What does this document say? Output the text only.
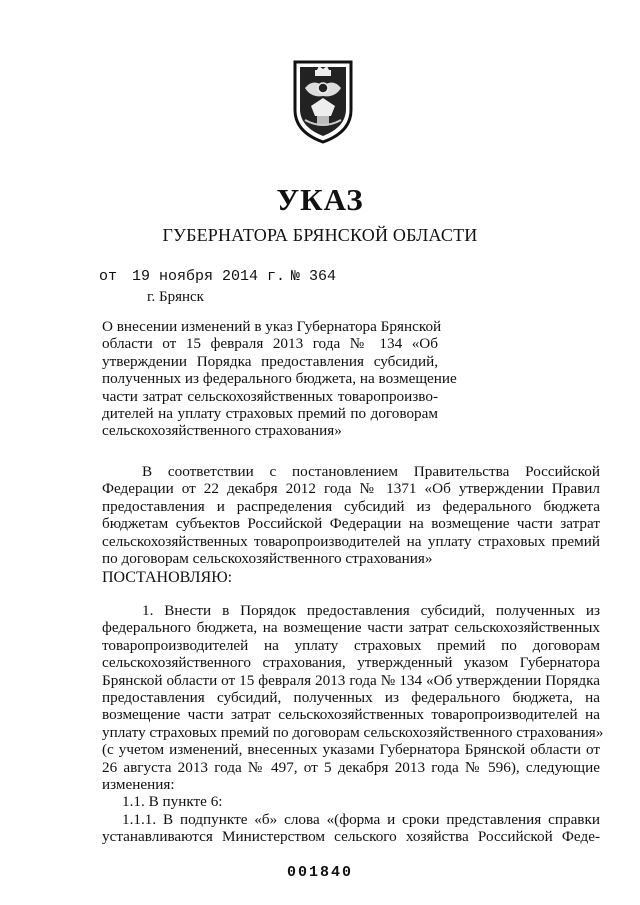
УКАЗ
ГУБЕРНАТОРА БРЯНСКОЙ ОБЛАСТИ
от 19 ноября 2014 г. № 364
г. Брянск
О внесении изменений в указ Губернатора Брянской
области от 15 февраля 2013 года № 134 «Об
утверждении Порядка предоставления субсидий,
полученных из федерального бюджета, на возмещение
части затрат сельскохозяйственных товаропроизво-
дителей на уплату страховых премий по договорам
сельскохозяйственного страхования»
В соответствии с постановлением Правительства Российской
Федерации от 22 декабря 2012 года № 1371 «Об утверждении Правил
предоставления и распределения субсидий из федерального бюджета
бюджетам субъектов Российской Федерации на возмещение части затрат
сельскохозяйственных товаропроизводителей на уплату страховых премий
по договорам сельскохозяйственного страхования»
ПОСТАНОВЛЯЮ:
1. Внести в Порядок предоставления субсидий, полученных из
федерального бюджета, на возмещение части затрат сельскохозяйственных
товаропроизводителей на уплату страховых премий по договорам
сельскохозяйственного страхования, утвержденный указом Губернатора
Брянской области от 15 февраля 2013 года № 134 «Об утверждении Порядка
предоставления субсидий, полученных из федерального бюджета, на
возмещение части затрат сельскохозяйственных товаропроизводителей на
уплату страховых премий по договорам сельскохозяйственного страхования»
(с учетом изменений, внесенных указами Губернатора Брянской области от
26 августа 2013 года № 497, от 5 декабря 2013 года № 596), следующие
изменения:
1.1. В пункте 6:
1.1.1. В подпункте «б» слова «(форма и сроки представления справки
устанавливаются Министерством сельского хозяйства Российской Феде-
001840
